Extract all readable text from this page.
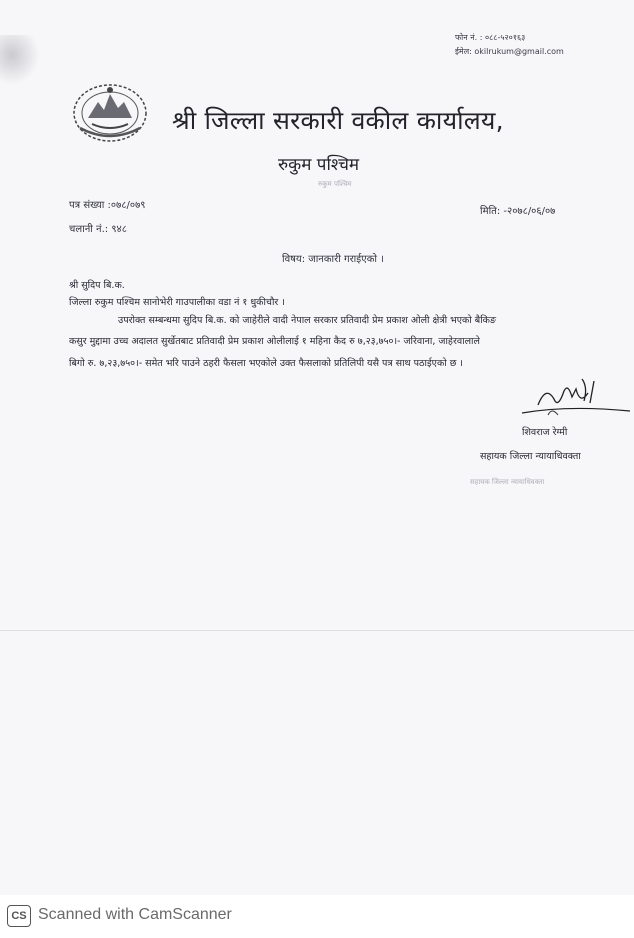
फोन नं. : ०८८-५२०१६३
ईमेल: okilrukum@gmail.com
श्री जिल्ला सरकारी वकील कार्यालय,
रुकुम पश्चिम
रुकुम पश्चिम
पत्र संख्या :०७८/०७९
चलानी नं.: ९४८
मिति: -२०७८/०६/०७
विषय: जानकारी गराईएको ।
श्री सुदिप बि.क.
जिल्ला रुकुम पश्चिम सानोभेरी गाउपालीका वडा नं १ धुकीचौर ।
उपरोक्त सम्बन्धमा सुदिप बि.क. को जाहेरीले वादी नेपाल सरकार प्रतिवादी प्रेम प्रकाश ओली क्षेत्री भएको बैकिङ
कसुर मुद्दामा उच्च अदालत सुर्खेतबाट प्रतिवादी प्रेम प्रकाश ओलीलाई १ महिना कैद रु ७,२३,७५०।- जरिवाना, जाहेरवालाले
बिगो रु. ७,२३,७५०।- समेत भरि पाउने ठहरी फैसला भएकोले उक्त फैसलाको प्रतिलिपी यसै पत्र साथ पठाईएको छ ।
शिवराज रेग्मी
सहायक जिल्ला न्यायाधिवक्ता
सहायक जिल्ला न्यायाधिवक्ता
CS Scanned with CamScanner
